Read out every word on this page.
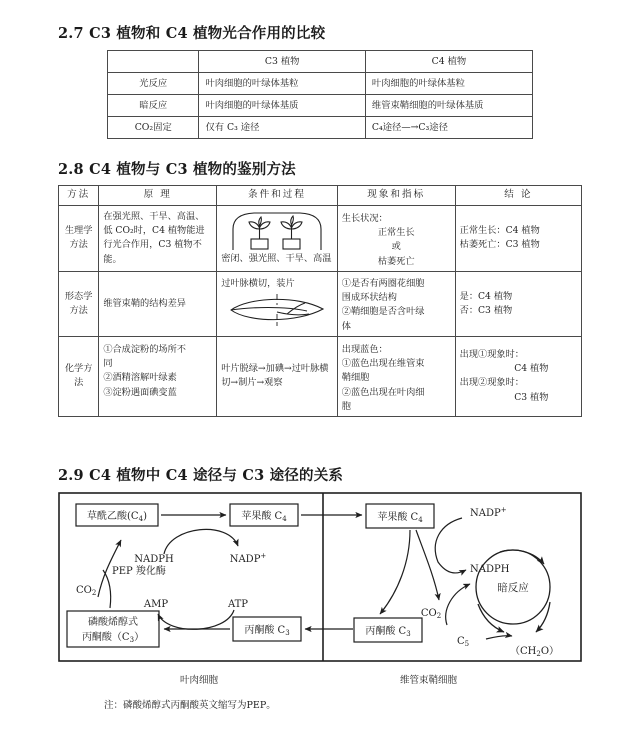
2.7 C3 植物和 C4 植物光合作用的比较
	C3 植物	C4 植物
光反应	叶肉细胞的叶绿体基粒	叶肉细胞的叶绿体基粒
暗反应	叶肉细胞的叶绿体基质	维管束鞘细胞的叶绿体基质
CO₂固定	仅有 C₃ 途径	C₄途径—→C₃途径
2.8 C4 植物与 C3 植物的鉴别方法
方法	原 理	条件和过程	现象和指标	结 论
生理学方法	在强光照、干旱、高温、低 CO₂时，C4 植物能进行光合作用，C3 植物不能。	密闭、强光照、干旱、高温	生长状况：
正常生长
或
枯萎死亡	正常生长：C4 植物
枯萎死亡：C3 植物

形态学方法	维管束鞘的结构差异	过叶脉横切，装片	①是否有两圈花细胞
围成环状结构
②鞘细胞是否含叶绿
体	是：C4 植物
否：C3 植物

化学方法	①合成淀粉的场所不
同
②酒精溶解叶绿素
③淀粉遇面碘变蓝	叶片脱绿→加碘→过叶脉横切→制片→观察	出现蓝色：
①蓝色出现在维管束
鞘细胞
②蓝色出现在叶肉细
胞	出现①现象时：
C4 植物
出现②现象时：
C3 植物
2.9 C4 植物中 C4 途径与 C3 途径的关系
草酰乙酸$(C_4)$	苹果酸 $C_4$
NADPH	NADP+
PEP 羧化酶
$CO_2$
磷酸烯醇式
丙酮酸$(C_3)$
丙酮酸 $C_3$
AMP	ATP
苹果酸 $C_4$
NADP+
NADPH
$CO_2$
丙酮酸 $C_3$
暗反应
$C_5$
$(CH_2O)$
叶肉细胞	维管束鞘细胞
注：磷酸烯醇式丙酮酸英文缩写为PEP。
